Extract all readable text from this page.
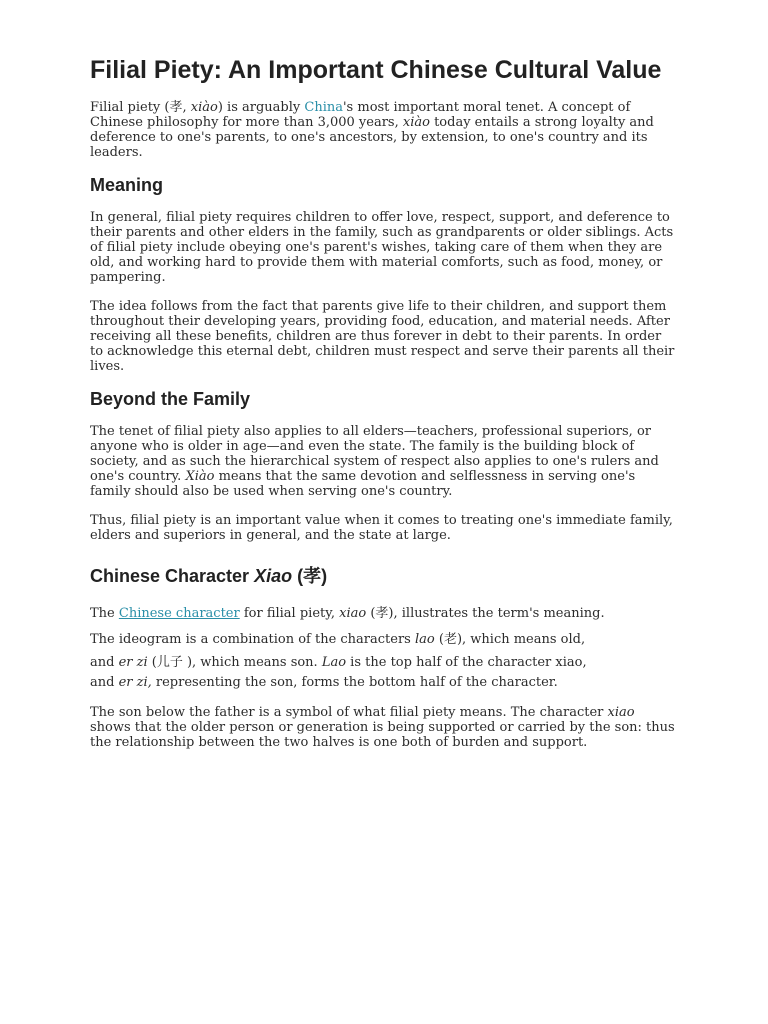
Filial Piety: An Important Chinese Cultural Value

Filial piety (孝, xiào) is arguably China's most important moral tenet. A concept of Chinese philosophy for more than 3,000 years, xiào today entails a strong loyalty and deference to one's parents, to one's ancestors, by extension, to one's country and its leaders.

Meaning

In general, filial piety requires children to offer love, respect, support, and deference to their parents and other elders in the family, such as grandparents or older siblings. Acts of filial piety include obeying one's parent's wishes, taking care of them when they are old, and working hard to provide them with material comforts, such as food, money, or pampering.

The idea follows from the fact that parents give life to their children, and support them throughout their developing years, providing food, education, and material needs. After receiving all these benefits, children are thus forever in debt to their parents. In order to acknowledge this eternal debt, children must respect and serve their parents all their lives.

Beyond the Family

The tenet of filial piety also applies to all elders—teachers, professional superiors, or anyone who is older in age—and even the state. The family is the building block of society, and as such the hierarchical system of respect also applies to one's rulers and one's country. Xiào means that the same devotion and selflessness in serving one's family should also be used when serving one's country.

Thus, filial piety is an important value when it comes to treating one's immediate family, elders and superiors in general, and the state at large.

Chinese Character Xiao (孝)

The Chinese character for filial piety, xiao (孝), illustrates the term's meaning.

The ideogram is a combination of the characters lao (老), which means old,
and er zi (儿子 ), which means son. Lao is the top half of the character xiao,

and er zi, representing the son, forms the bottom half of the character.

The son below the father is a symbol of what filial piety means. The character xiao shows that the older person or generation is being supported or carried by the son: thus the relationship between the two halves is one both of burden and support.
